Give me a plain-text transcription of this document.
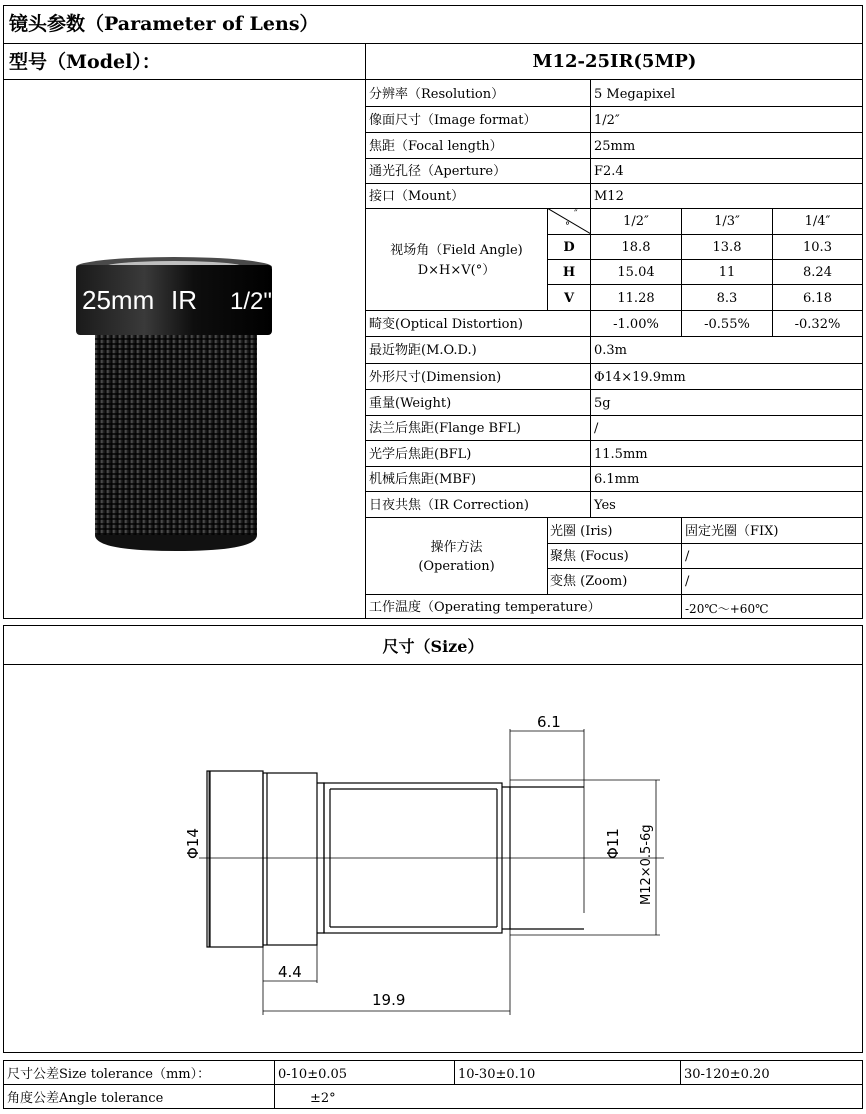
镜头参数（Parameter of Lens）
型号（Model）：	M12-25IR(5MP)
25mm IR 1/2"
分辨率（Resolution）	5 Megapixel
像面尺寸（Image format）	1/2″
焦距（Focal length）	25mm
通光孔径（Aperture）	F2.4
接口（Mount）	M12
视场角（Field Angle)
D×H×V(°）
″
°	1/2″	1/3″	1/4″
D	18.8	13.8	10.3
H	15.04	11	8.24
V	11.28	8.3	6.18
畸变(Optical Distortion)	-1.00%	-0.55%	-0.32%
最近物距(M.O.D.)	0.3m
外形尺寸(Dimension)	Φ14×19.9mm
重量(Weight)	5g
法兰后焦距(Flange BFL)	/
光学后焦距(BFL)	11.5mm
机械后焦距(MBF)	6.1mm
日夜共焦（IR Correction)	Yes
操作方法
(Operation)
光圈 (Iris)	固定光圈（FIX)
聚焦 (Focus)	/
变焦 (Zoom)	/
工作温度（Operating temperature）	-20℃～+60℃
尺寸（Size）
6.1
Φ14	Φ11 M12×0.5-6g
4.4
19.9
尺寸公差Size tolerance（mm）：	0-10±0.05	10-30±0.10	30-120±0.20
角度公差Angle tolerance	±2°
